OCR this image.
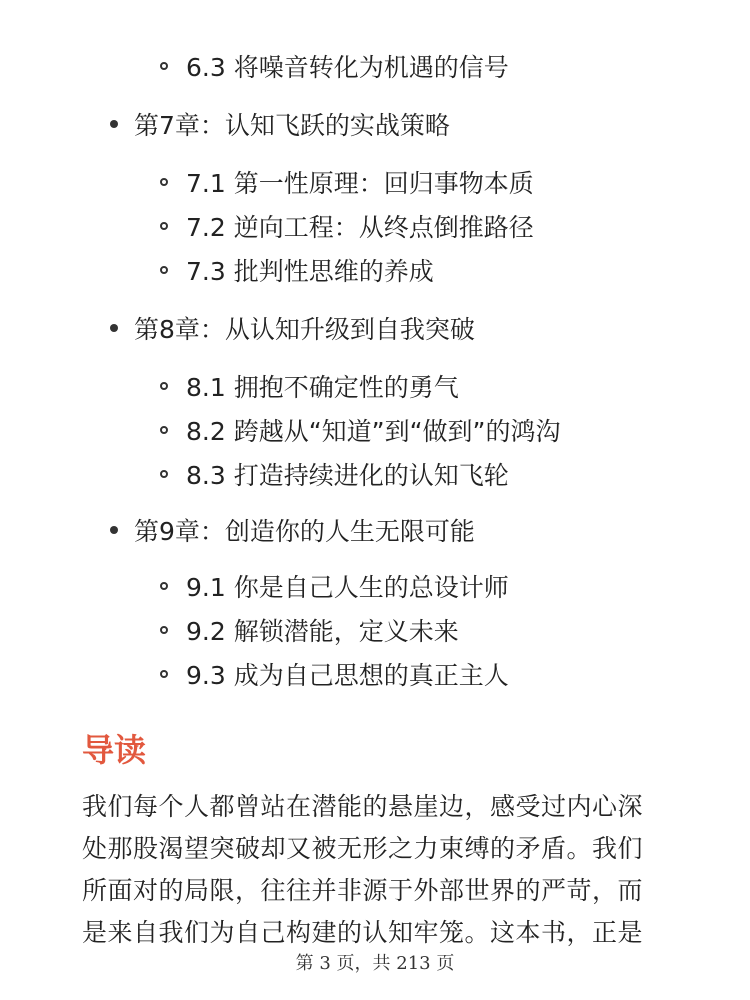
6.3 将噪音转化为机遇的信号
第7章：认知飞跃的实战策略
7.1 第一性原理：回归事物本质
7.2 逆向工程：从终点倒推路径
7.3 批判性思维的养成
第8章：从认知升级到自我突破
8.1 拥抱不确定性的勇气
8.2 跨越从“知道”到“做到”的鸿沟
8.3 打造持续进化的认知飞轮
第9章：创造你的人生无限可能
9.1 你是自己人生的总设计师
9.2 解锁潜能，定义未来
9.3 成为自己思想的真正主人
导读
我们每个人都曾站在潜能的悬崖边，感受过内心深
处那股渴望突破却又被无形之力束缚的矛盾。我们
所面对的局限，往往并非源于外部世界的严苛，而
是来自我们为自己构建的认知牢笼。这本书，正是
第 3 页，共 213 页
